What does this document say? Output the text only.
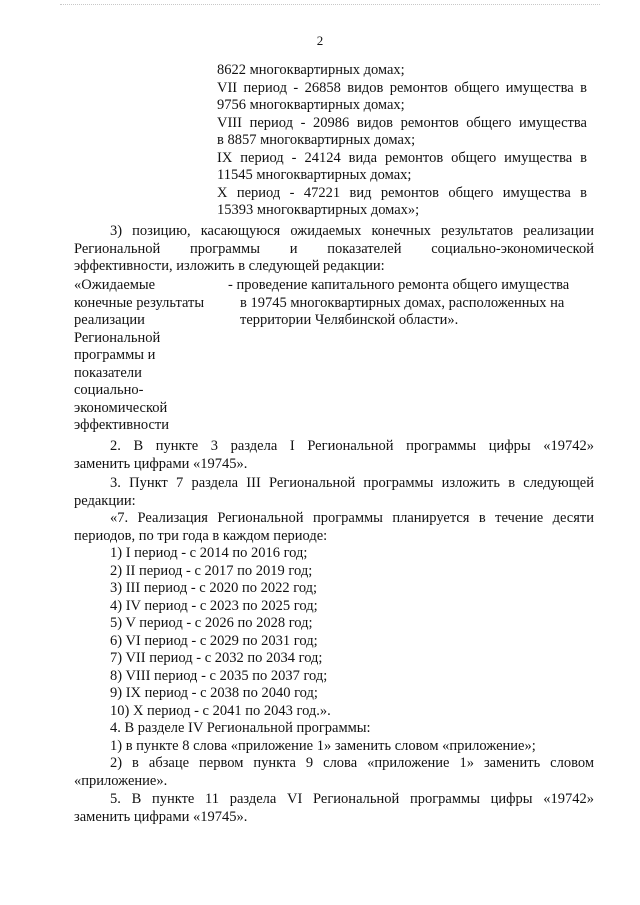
2
8622 многоквартирных домах;
VII период - 26858 видов ремонтов общего имущества в
9756 многоквартирных домах;
VIII период - 20986 видов ремонтов общего имущества
в 8857 многоквартирных домах;
IX период - 24124 вида ремонтов общего имущества в
11545 многоквартирных домах;
X период - 47221 вид ремонтов общего имущества в
15393 многоквартирных домах»;
3) позицию, касающуюся ожидаемых конечных результатов реализации
Региональной программы и показателей социально-экономической
эффективности, изложить в следующей редакции:
«Ожидаемые
конечные результаты
реализации
Региональной
программы и
показатели
социально-
экономической
эффективности
- проведение капитального ремонта общего имущества
в 19745 многоквартирных домах, расположенных на
территории Челябинской области».
2. В пункте 3 раздела I Региональной программы цифры «19742»
заменить цифрами «19745».
3. Пункт 7 раздела III Региональной программы изложить в следующей
редакции:
«7. Реализация Региональной программы планируется в течение десяти
периодов, по три года в каждом периоде:
1) I период - с 2014 по 2016 год;
2) II период - с 2017 по 2019 год;
3) III период - с 2020 по 2022 год;
4) IV период - с 2023 по 2025 год;
5) V период - с 2026 по 2028 год;
6) VI период - с 2029 по 2031 год;
7) VII период - с 2032 по 2034 год;
8) VIII период - с 2035 по 2037 год;
9) IX период - с 2038 по 2040 год;
10) X период - с 2041 по 2043 год.».
4. В разделе IV Региональной программы:
1) в пункте 8 слова «приложение 1» заменить словом «приложение»;
2) в абзаце первом пункта 9 слова «приложение 1» заменить словом
«приложение».
5. В пункте 11 раздела VI Региональной программы цифры «19742»
заменить цифрами «19745».
